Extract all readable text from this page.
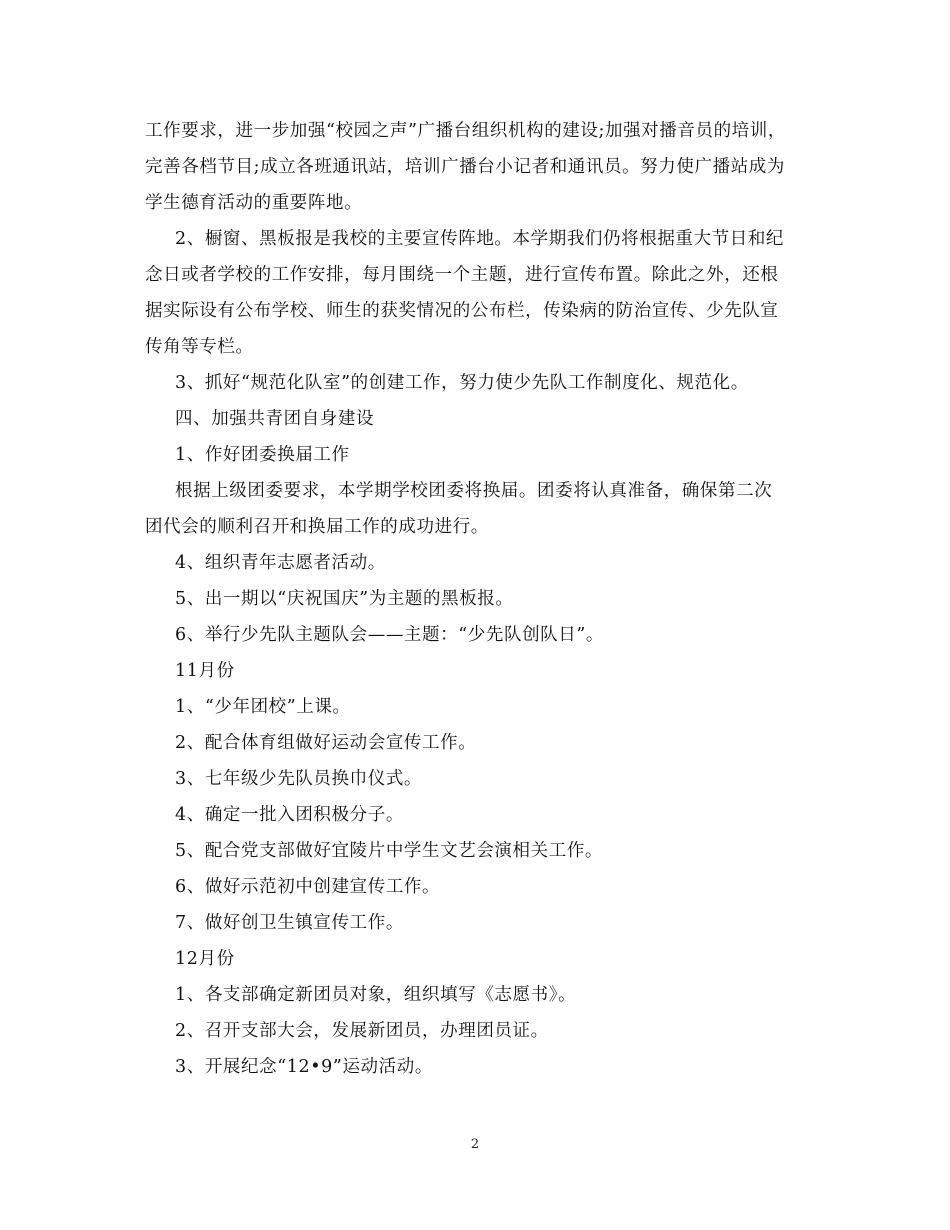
工作要求，进一步加强“校园之声”广播台组织机构的建设;加强对播音员的培训，

完善各档节目;成立各班通讯站，培训广播台小记者和通讯员。努力使广播站成为

学生德育活动的重要阵地。

2、橱窗、黑板报是我校的主要宣传阵地。本学期我们仍将根据重大节日和纪

念日或者学校的工作安排，每月围绕一个主题，进行宣传布置。除此之外，还根

据实际设有公布学校、师生的获奖情况的公布栏，传染病的防治宣传、少先队宣

传角等专栏。

3、抓好“规范化队室”的创建工作，努力使少先队工作制度化、规范化。

四、加强共青团自身建设

1、作好团委换届工作

根据上级团委要求，本学期学校团委将换届。团委将认真准备，确保第二次

团代会的顺利召开和换届工作的成功进行。

4、组织青年志愿者活动。

5、出一期以“庆祝国庆”为主题的黑板报。

6、举行少先队主题队会——主题：“少先队创队日”。

11月份

1、“少年团校”上课。

2、配合体育组做好运动会宣传工作。

3、七年级少先队员换巾仪式。

4、确定一批入团积极分子。

5、配合党支部做好宜陵片中学生文艺会演相关工作。

6、做好示范初中创建宣传工作。

7、做好创卫生镇宣传工作。

12月份

1、各支部确定新团员对象，组织填写《志愿书》。

2、召开支部大会，发展新团员，办理团员证。

3、开展纪念“12•9”运动活动。

2
